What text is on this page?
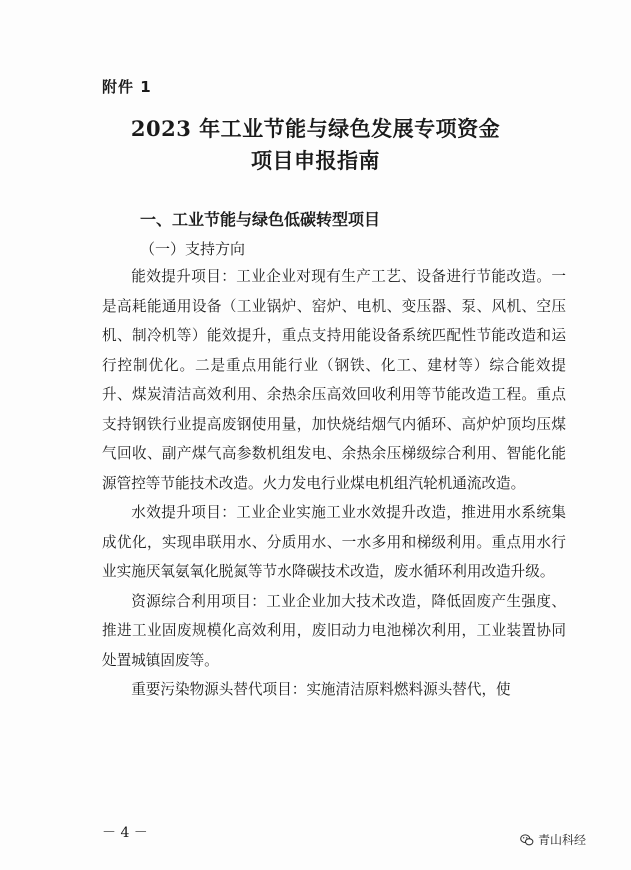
附件 1
2023 年工业节能与绿色发展专项资金
项目申报指南
一、工业节能与绿色低碳转型项目
（一）支持方向

能效提升项目：工业企业对现有生产工艺、设备进行节能改造。一是高耗能通用设备（工业锅炉、窑炉、电机、变压器、泵、风机、空压机、制冷机等）能效提升，重点支持用能设备系统匹配性节能改造和运行控制优化。二是重点用能行业（钢铁、化工、建材等）综合能效提升、煤炭清洁高效利用、余热余压高效回收利用等节能改造工程。重点支持钢铁行业提高废钢使用量，加快烧结烟气内循环、高炉炉顶均压煤气回收、副产煤气高参数机组发电、余热余压梯级综合利用、智能化能源管控等节能技术改造。火力发电行业煤电机组汽轮机通流改造。

水效提升项目：工业企业实施工业水效提升改造，推进用水系统集成优化，实现串联用水、分质用水、一水多用和梯级利用。重点用水行业实施厌氧氨氧化脱氮等节水降碳技术改造，废水循环利用改造升级。

资源综合利用项目：工业企业加大技术改造，降低固废产生强度、推进工业固废规模化高效利用，废旧动力电池梯次利用，工业装置协同处置城镇固废等。

重要污染物源头替代项目：实施清洁原料燃料源头替代，使

－ 4 －	青山科经
